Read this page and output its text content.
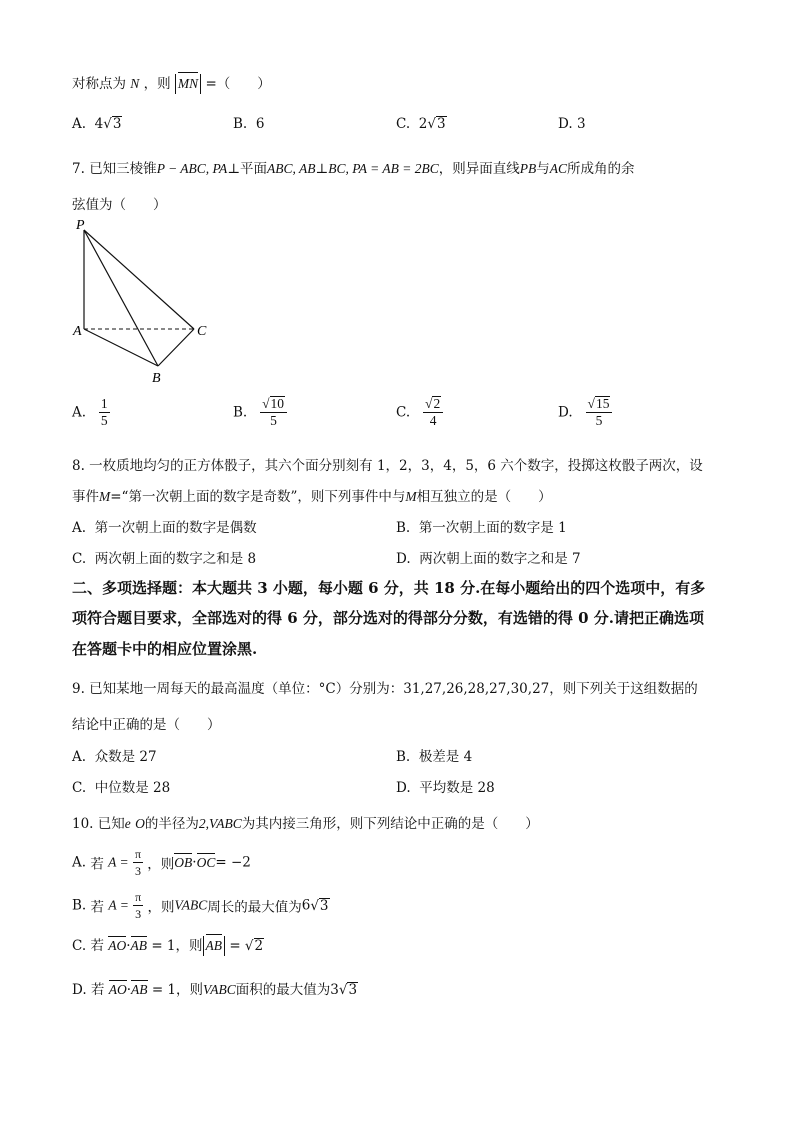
对称点为 N ，则 MN =（　　）
A. 4√3	B. 6	C. 2√3	D. 3
7. 已知三棱锥P − ABC, PA⊥平面ABC, AB⊥BC, PA = AB = 2BC，则异面直线PB与AC所成角的余
弦值为（　　）
P
A
B
C
A. $\frac{1}{5}$	B. $\frac{√10}{5}$	C. $\frac{√2}{4}$	D. $\frac{√15}{5}$
8. 一枚质地均匀的正方体骰子，其六个面分别刻有 1，2，3，4，5，6 六个数字，投掷这枚骰子两次，设
事件M=“第一次朝上面的数字是奇数”，则下列事件中与M相互独立的是（　　）
A. 第一次朝上面的数字是偶数	B. 第一次朝上面的数字是 1
C. 两次朝上面的数字之和是 8	D. 两次朝上面的数字之和是 7
二、多项选择题：本大题共 3 小题，每小题 6 分，共 18 分.在每小题给出的四个选项中，有多
项符合题目要求，全部选对的得 6 分，部分选对的得部分分数，有选错的得 0 分.请把正确选项
在答题卡中的相应位置涂黑.
9. 已知某地一周每天的最高温度（单位：°C）分别为：31,27,26,28,27,30,27，则下列关于这组数据的
结论中正确的是（　　）
A. 众数是 27	B. 极差是 4
C. 中位数是 28	D. 平均数是 28
10. 已知e O的半径为2,VABC为其内接三角形，则下列结论中正确的是（　　）
A. 若 $A = \frac{\pi}{3}$ ，则OB·OC= −2
B. 若 $A = \frac{\pi}{3}$ ，则VABC周长的最大值为6√3
C. 若 AO·AB = 1，则 AB = √2
D. 若 AO·AB = 1，则VABC面积的最大值为3√3
